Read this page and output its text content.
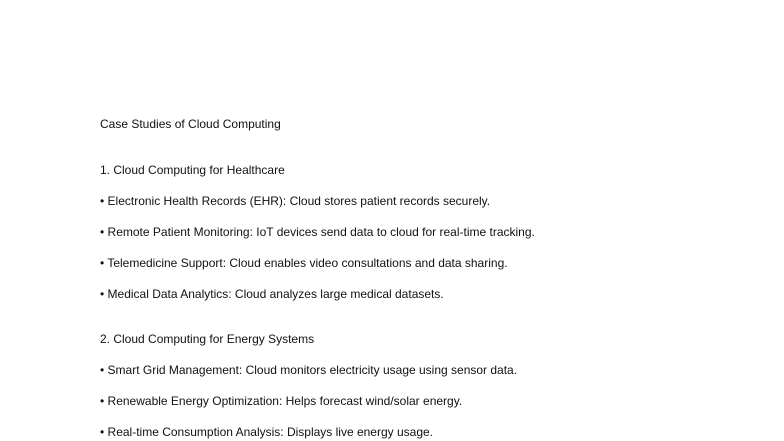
Case Studies of Cloud Computing
1. Cloud Computing for Healthcare
• Electronic Health Records (EHR): Cloud stores patient records securely.
• Remote Patient Monitoring: IoT devices send data to cloud for real-time tracking.
• Telemedicine Support: Cloud enables video consultations and data sharing.
• Medical Data Analytics: Cloud analyzes large medical datasets.
2. Cloud Computing for Energy Systems
• Smart Grid Management: Cloud monitors electricity usage using sensor data.
• Renewable Energy Optimization: Helps forecast wind/solar energy.
• Real-time Consumption Analysis: Displays live energy usage.
